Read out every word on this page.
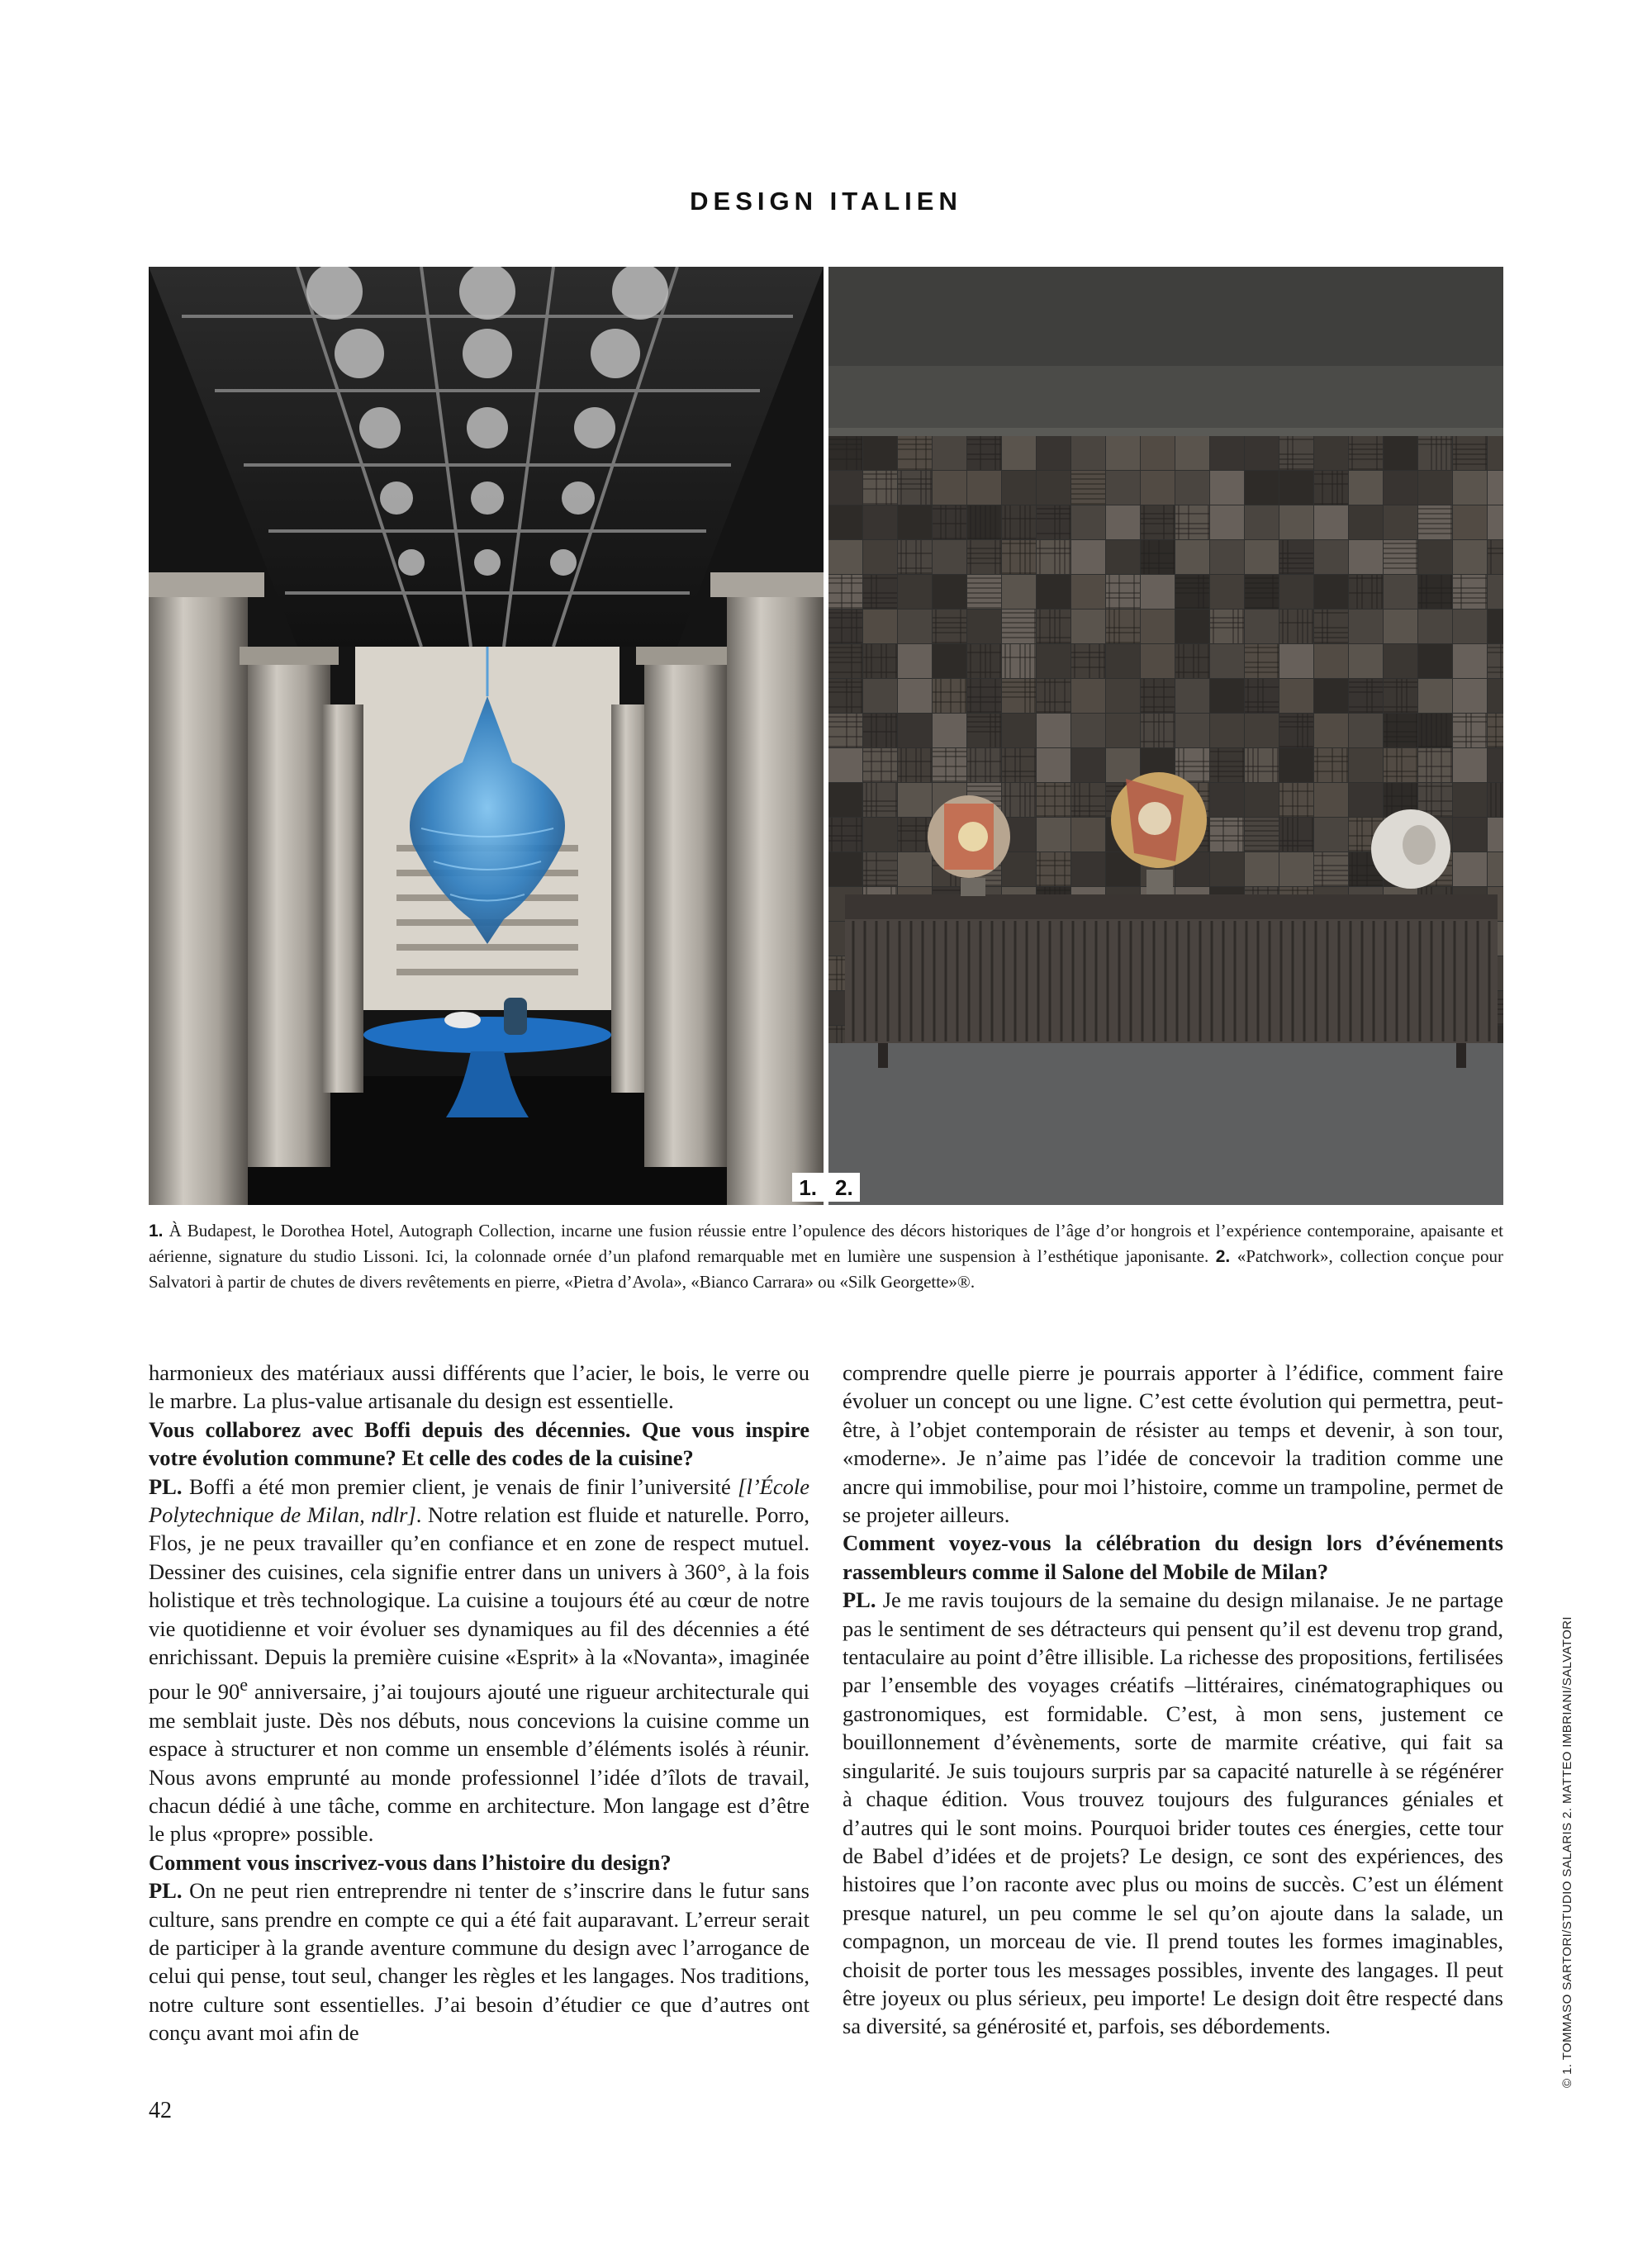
DESIGN ITALIEN
1. 2.
1. À Budapest, le Dorothea Hotel, Autograph Collection, incarne une fusion réussie entre l’opulence des décors historiques de l’âge d’or hongrois et l’expérience contemporaine, apaisante et aérienne, signature du studio Lissoni. Ici, la colonnade ornée d’un plafond remarquable met en lumière une suspension à l’esthétique japonisante. 2. «Patchwork», collection conçue pour Salvatori à partir de chutes de divers revêtements en pierre, «Pietra d’Avola», «Bianco Carrara» ou «Silk Georgette»®.

harmonieux des matériaux aussi différents que l’acier, le bois, le verre ou le marbre. La plus-value artisanale du design est essentielle.

Vous collaborez avec Boffi depuis des décennies. Que vous inspire votre évolution commune? Et celle des codes de la cuisine?

PL. Boffi a été mon premier client, je venais de finir l’université [l’École Polytechnique de Milan, ndlr]. Notre relation est fluide et naturelle. Porro, Flos, je ne peux travailler qu’en confiance et en zone de respect mutuel. Dessiner des cuisines, cela signifie entrer dans un univers à 360°, à la fois holistique et très technologique. La cuisine a toujours été au cœur de notre vie quotidienne et voir évoluer ses dynamiques au fil des décennies a été enrichissant. Depuis la première cuisine «Esprit» à la «Novanta», imaginée pour le 90e anniversaire, j’ai toujours ajouté une rigueur architecturale qui me semblait juste. Dès nos débuts, nous concevions la cuisine comme un espace à structurer et non comme un ensemble d’éléments isolés à réunir. Nous avons emprunté au monde professionnel l’idée d’îlots de travail, chacun dédié à une tâche, comme en architecture. Mon langage est d’être le plus «propre» possible.

Comment vous inscrivez-vous dans l’histoire du design?

PL. On ne peut rien entreprendre ni tenter de s’inscrire dans le futur sans culture, sans prendre en compte ce qui a été fait auparavant. L’erreur serait de participer à la grande aventure commune du design avec l’arrogance de celui qui pense, tout seul, changer les règles et les langages. Nos traditions, notre culture sont essentielles. J’ai besoin d’étudier ce que d’autres ont conçu avant moi afin de

comprendre quelle pierre je pourrais apporter à l’édifice, comment faire évoluer un concept ou une ligne. C’est cette évolution qui permettra, peut-être, à l’objet contemporain de résister au temps et devenir, à son tour, «moderne». Je n’aime pas l’idée de concevoir la tradition comme une ancre qui immobilise, pour moi l’histoire, comme un trampoline, permet de se projeter ailleurs.

Comment voyez-vous la célébration du design lors d’événements rassembleurs comme il Salone del Mobile de Milan?

PL. Je me ravis toujours de la semaine du design milanaise. Je ne partage pas le sentiment de ses détracteurs qui pensent qu’il est devenu trop grand, tentaculaire au point d’être illisible. La richesse des propositions, fertilisées par l’ensemble des voyages créatifs –littéraires, cinématographiques ou gastronomiques, est formidable. C’est, à mon sens, justement ce bouillonnement d’évènements, sorte de marmite créative, qui fait sa singularité. Je suis toujours surpris par sa capacité naturelle à se régénérer à chaque édition. Vous trouvez toujours des fulgurances géniales et d’autres qui le sont moins. Pourquoi brider toutes ces énergies, cette tour de Babel d’idées et de projets? Le design, ce sont des expériences, des histoires que l’on raconte avec plus ou moins de succès. C’est un élément presque naturel, un peu comme le sel qu’on ajoute dans la salade, un compagnon, un morceau de vie. Il prend toutes les formes imaginables, choisit de porter tous les messages possibles, invente des langages. Il peut être joyeux ou plus sérieux, peu importe! Le design doit être respecté dans sa diversité, sa générosité et, parfois, ses débordements.

42
© 1. TOMMASO SARTORI/STUDIO SALARIS 2. MATTEO IMBRIANI/SALVATORI
